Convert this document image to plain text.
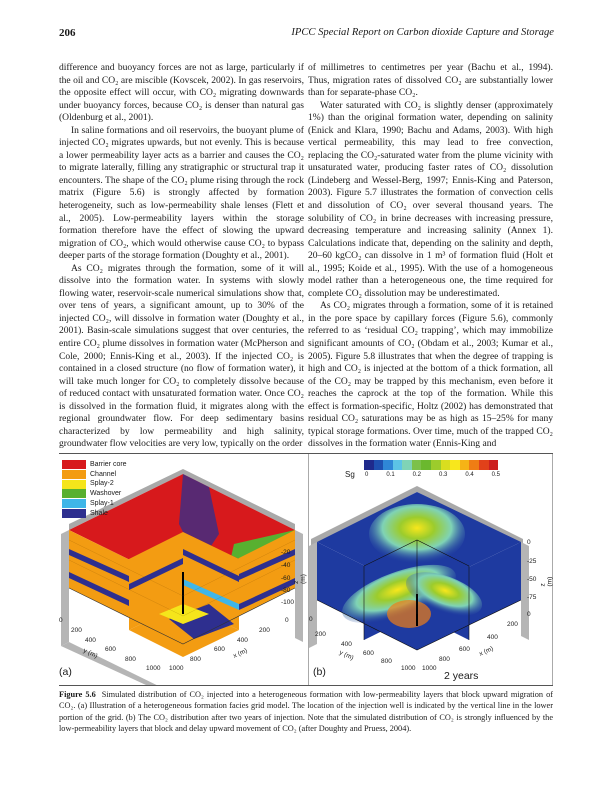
206	IPCC Special Report on Carbon dioxide Capture and Storage

difference and buoyancy forces are not as large, particularly if the oil and CO₂ are miscible (Kovscek, 2002). In gas reservoirs, the opposite effect will occur, with CO₂ migrating downwards under buoyancy forces, because CO₂ is denser than natural gas (Oldenburg et al., 2001).

In saline formations and oil reservoirs, the buoyant plume of injected CO₂ migrates upwards, but not evenly. This is because a lower permeability layer acts as a barrier and causes the CO₂ to migrate laterally, filling any stratigraphic or structural trap it encounters. The shape of the CO₂ plume rising through the rock matrix (Figure 5.6) is strongly affected by formation heterogeneity, such as low-permeability shale lenses (Flett et al., 2005). Low-permeability layers within the storage formation therefore have the effect of slowing the upward migration of CO₂, which would otherwise cause CO₂ to bypass deeper parts of the storage formation (Doughty et al., 2001).

As CO₂ migrates through the formation, some of it will dissolve into the formation water. In systems with slowly flowing water, reservoir-scale numerical simulations show that, over tens of years, a significant amount, up to 30% of the injected CO₂, will dissolve in formation water (Doughty et al., 2001). Basin-scale simulations suggest that over centuries, the entire CO₂ plume dissolves in formation water (McPherson and Cole, 2000; Ennis-King et al., 2003). If the injected CO₂ is contained in a closed structure (no flow of formation water), it will take much longer for CO₂ to completely dissolve because of reduced contact with unsaturated formation water. Once CO₂ is dissolved in the formation fluid, it migrates along with the regional groundwater flow. For deep sedimentary basins characterized by low permeability and high salinity, groundwater flow velocities are very low, typically on the order

of millimetres to centimetres per year (Bachu et al., 1994). Thus, migration rates of dissolved CO₂ are substantially lower than for separate-phase CO₂.

Water saturated with CO₂ is slightly denser (approximately 1%) than the original formation water, depending on salinity (Enick and Klara, 1990; Bachu and Adams, 2003). With high vertical permeability, this may lead to free convection, replacing the CO₂-saturated water from the plume vicinity with unsaturated water, producing faster rates of CO₂ dissolution (Lindeberg and Wessel-Berg, 1997; Ennis-King and Paterson, 2003). Figure 5.7 illustrates the formation of convection cells and dissolution of CO₂ over several thousand years. The solubility of CO₂ in brine decreases with increasing pressure, decreasing temperature and increasing salinity (Annex 1). Calculations indicate that, depending on the salinity and depth, 20–60 kgCO₂ can dissolve in 1 m³ of formation fluid (Holt et al., 1995; Koide et al., 1995). With the use of a homogeneous model rather than a heterogeneous one, the time required for complete CO₂ dissolution may be underestimated.

As CO₂ migrates through a formation, some of it is retained in the pore space by capillary forces (Figure 5.6), commonly referred to as ‘residual CO₂ trapping’, which may immobilize significant amounts of CO₂ (Obdam et al., 2003; Kumar et al., 2005). Figure 5.8 illustrates that when the degree of trapping is high and CO₂ is injected at the bottom of a thick formation, all of the CO₂ may be trapped by this mechanism, even before it reaches the caprock at the top of the formation. While this effect is formation-specific, Holtz (2002) has demonstrated that residual CO₂ saturations may be as high as 15–25% for many typical storage formations. Over time, much of the trapped CO₂ dissolves in the formation water (Ennis-King and

Barrier core
Channel
Splay-2
Washover
Splay-1
Shale
-20
-40
-60
-80
-100
z (m)
0
200
400
600
800
1000
y (m)
1000
800
600
400
200
0
x (m)
(a)
Sg 0	0.1	0.2	0.3	0.4	0.5
0
-25
-50
-75
0
z (m)
0
200
400
600
800
1000
y (m)
1000
800
600
400
200
x (m)
(b)	2 years
Figure 5.6 Simulated distribution of CO₂ injected into a heterogeneous formation with low-permeability layers that block upward migration of CO₂. (a) Illustration of a heterogeneous formation facies grid model. The location of the injection well is indicated by the vertical line in the lower portion of the grid. (b) The CO₂ distribution after two years of injection. Note that the simulated distribution of CO₂ is strongly influenced by the low-permeability layers that block and delay upward movement of CO₂ (after Doughty and Pruess, 2004).
